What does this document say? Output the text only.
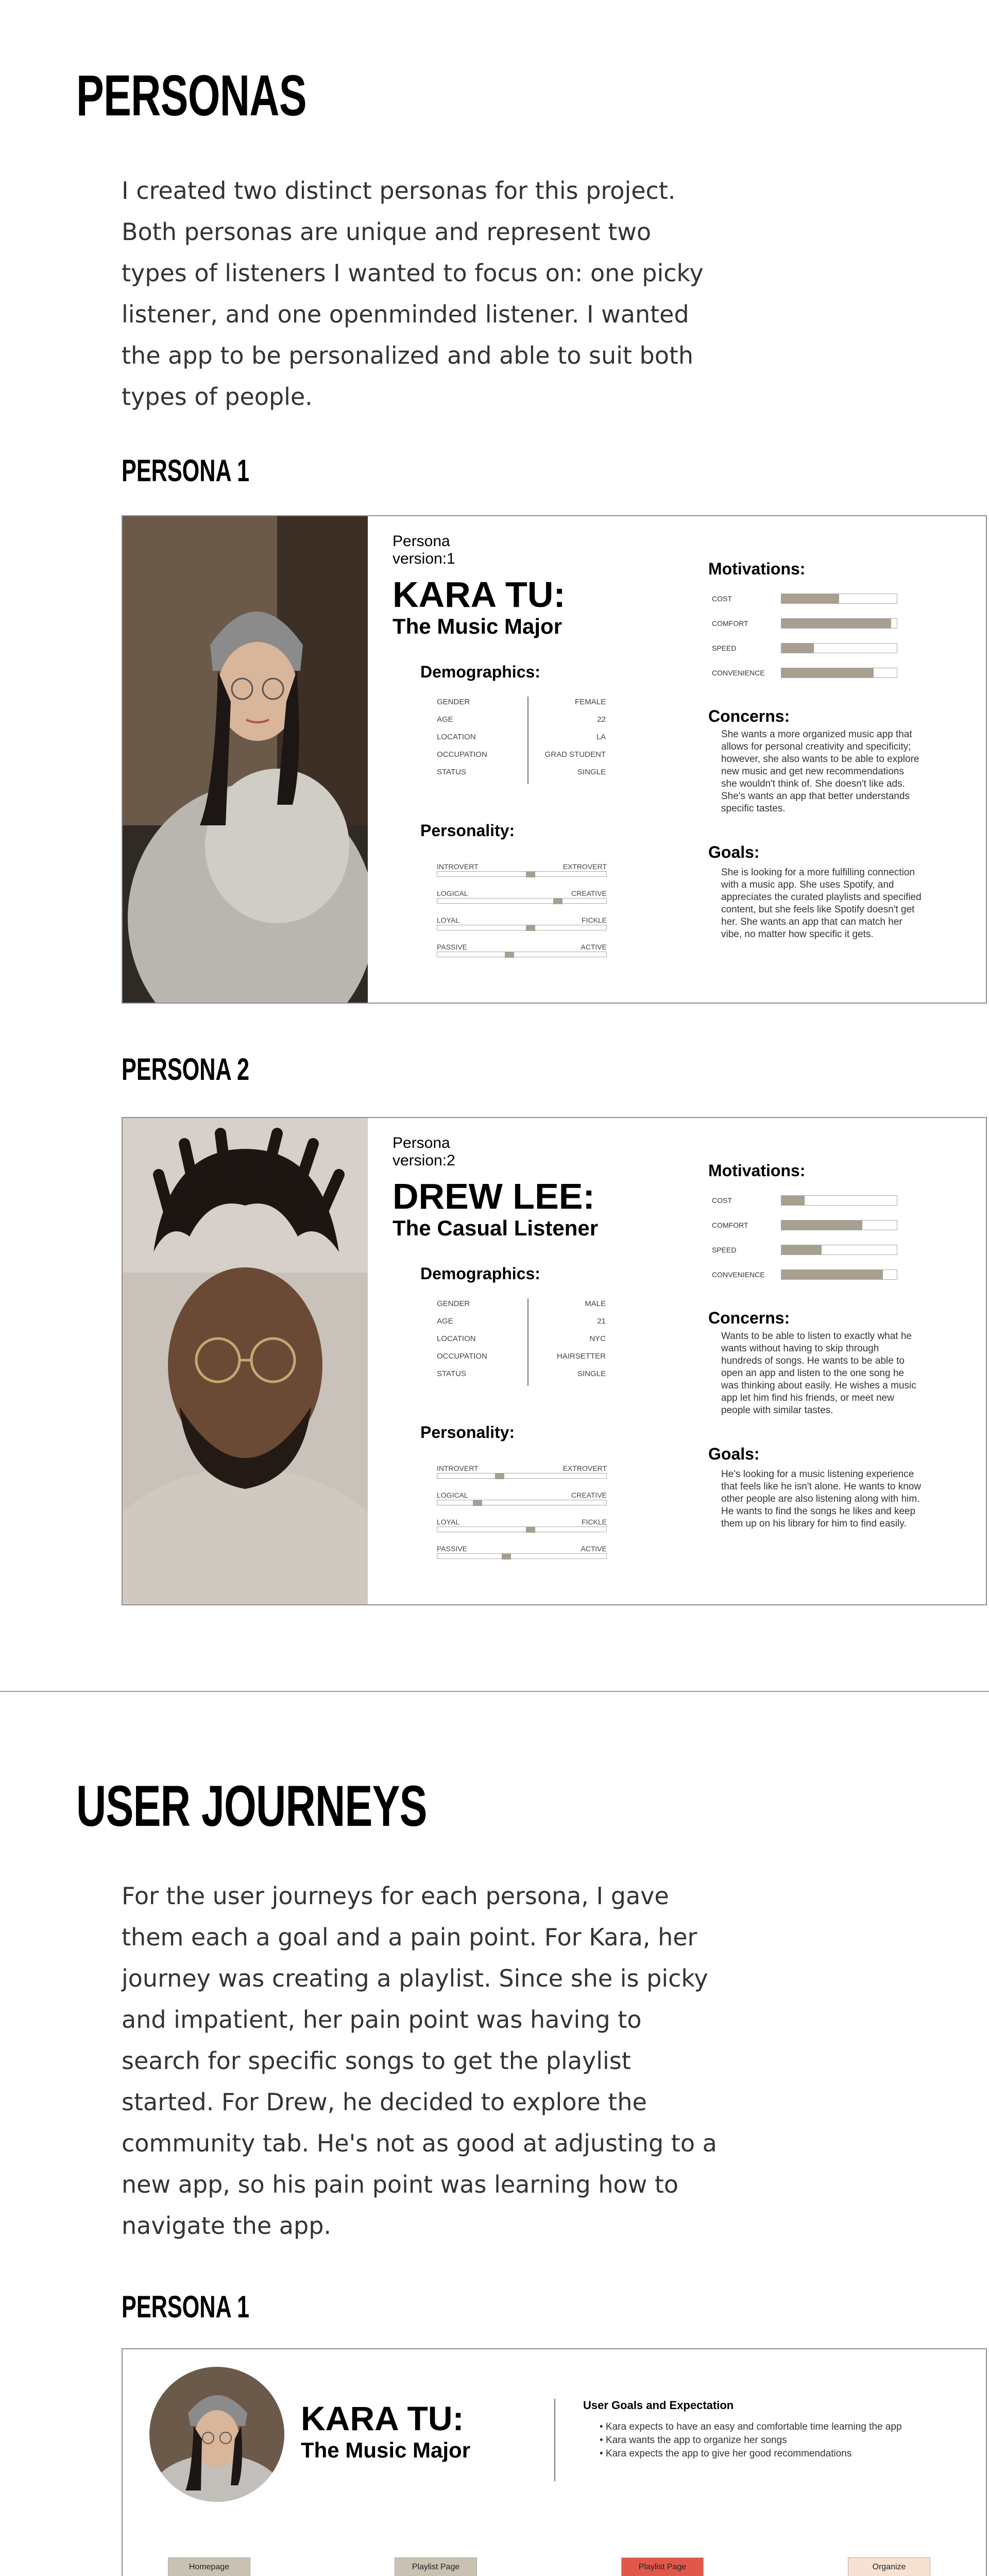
PERSONAS
I created two distinct personas for this project. Both personas are unique and represent two types of listeners I wanted to focus on: one picky listener, and one openminded listener. I wanted the app to be personalized and able to suit both types of people.
PERSONA 1
Persona
version:1
KARA TU:
The Music Major
Demographics:
GENDER	FEMALE
AGE	22
LOCATION	LA
OCCUPATION	GRAD STUDENT
STATUS	SINGLE
Personality:
INTROVERT	EXTROVERT
LOGICAL	CREATIVE
LOYAL	FICKLE
PASSIVE	ACTIVE
Motivations:
COST
COMFORT
SPEED
CONVENIENCE
Concerns:
She wants a more organized music app that allows for personal creativity and specificity; however, she also wants to be able to explore new music and get new recommendations she wouldn't think of. She doesn't like ads. She's wants an app that better understands specific tastes.
Goals:
She is looking for a more fulfilling connection with a music app. She uses Spotify, and appreciates the curated playlists and specified content, but she feels like Spotify doesn't get her. She wants an app that can match her vibe, no matter how specific it gets.
PERSONA 2
Persona
version:2
DREW LEE:
The Casual Listener
Demographics:
GENDER	MALE
AGE	21
LOCATION	NYC
OCCUPATION	HAIRSETTER
STATUS	SINGLE
Personality:
INTROVERT	EXTROVERT
LOGICAL	CREATIVE
LOYAL	FICKLE
PASSIVE	ACTIVE
Motivations:
COST
COMFORT
SPEED
CONVENIENCE
Concerns:
Wants to be able to listen to exactly what he wants without having to skip through hundreds of songs. He wants to be able to open an app and listen to the one song he was thinking about easily. He wishes a music app let him find his friends, or meet new people with similar tastes.
Goals:
He's looking for a music listening experience that feels like he isn't alone. He wants to know other people are also listening along with him. He wants to find the songs he likes and keep them up on his library for him to find easily.
USER JOURNEYS
For the user journeys for each persona, I gave them each a goal and a pain point. For Kara, her journey was creating a playlist. Since she is picky and impatient, her pain point was having to search for specific songs to get the playlist started. For Drew, he decided to explore the community tab. He's not as good at adjusting to a new app, so his pain point was learning how to navigate the app.
PERSONA 1
KARA TU:
The Music Major
User Goals and Expectation
• Kara expects to have an easy and comfortable time learning the app
• Kara wants the app to organize her songs
• Kara expects the app to give her good recommendations
Homepage	Playlist Page	Playlist Page	Organize
